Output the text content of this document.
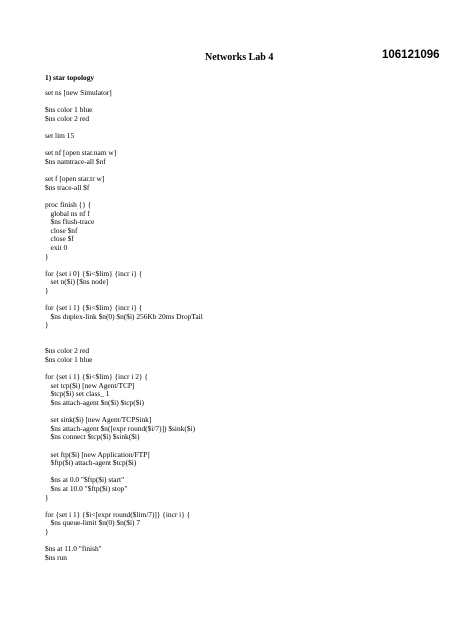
Networks Lab 4	106121096
1) star topology
set ns [new Simulator]
$ns color 1 blue
$ns color 2 red
set lim 15
set nf [open star.nam w]
$ns namtrace-all $nf
set f [open star.tr w]
$ns trace-all $f
proc finish {} {
global ns nf f
$ns flush-trace
close $nf
close $f
exit 0
}
for {set i 0} {$i<$lim} {incr i} {
set n($i) [$ns node]
}
for {set i 1} {$i<$lim} {incr i} {
$ns duplex-link $n(0) $n($i) 256Kb 20ms DropTail
}
$ns color 2 red
$ns color 1 blue
for {set i 1} {$i<$lim} {incr i 2} {
set tcp($i) [new Agent/TCP]
$tcp($i) set class_ 1
$ns attach-agent $n($i) $tcp($i)
set sink($i) [new Agent/TCPSink]
$ns attach-agent $n([expr round($i/7)]) $sink($i)
$ns connect $tcp($i) $sink($i)
set ftp($i) [new Application/FTP]
$ftp($i) attach-agent $tcp($i)
$ns at 0.0 "$ftp($i) start"
$ns at 10.0 "$ftp($i) stop"
}
for {set i 1} {$i<[expr round($lim/7)]} {incr i} {
$ns queue-limit $n(0) $n($i) 7
}
$ns at 11.0 "finish"
$ns run
